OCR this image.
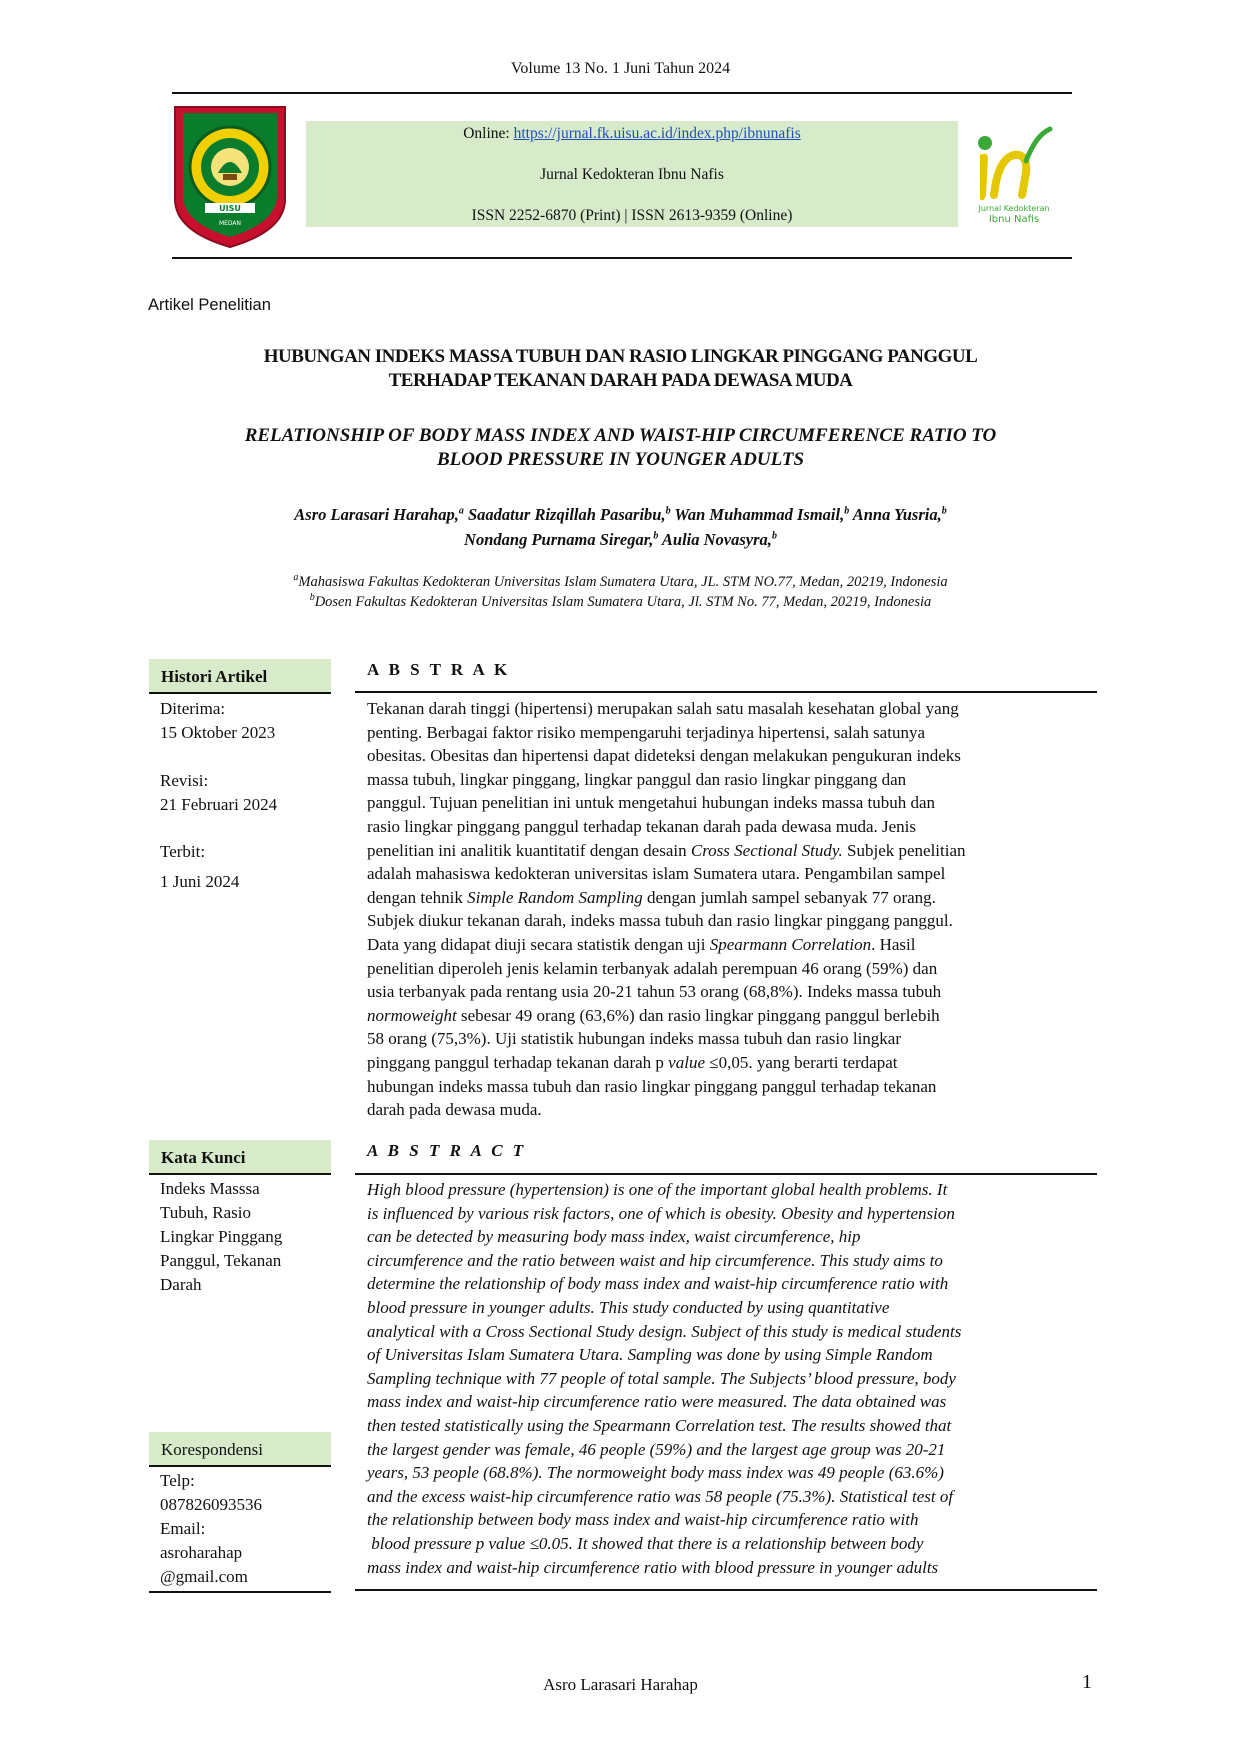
Volume 13 No. 1 Juni Tahun 2024
UISU
MEDAN
Online: https://jurnal.fk.uisu.ac.id/index.php/ibnunafis
Jurnal Kedokteran Ibnu Nafis
ISSN 2252-6870 (Print) | ISSN 2613-9359 (Online)	Jurnal Kedokteran
Ibnu Nafis
Artikel Penelitian
HUBUNGAN INDEKS MASSA TUBUH DAN RASIO LINGKAR PINGGANG PANGGUL
TERHADAP TEKANAN DARAH PADA DEWASA MUDA
RELATIONSHIP OF BODY MASS INDEX AND WAIST-HIP CIRCUMFERENCE RATIO TO
BLOOD PRESSURE IN YOUNGER ADULTS
Asro Larasari Harahap,$^a$ Saadatur Rizqillah Pasaribu,$^b$ Wan Muhammad Ismail,$^b$ Anna Yusria,$^b$
Nondang Purnama Siregar,$^b$ Aulia Novasyra,$^b$
$^a$Mahasiswa Fakultas Kedokteran Universitas Islam Sumatera Utara, JL. STM NO.77, Medan, 20219, Indonesia
$^b$Dosen Fakultas Kedokteran Universitas Islam Sumatera Utara, Jl. STM No. 77, Medan, 20219, Indonesia
Histori Artikel
Diterima:
15 Oktober 2023
Revisi:
21 Februari 2024
Terbit:
1 Juni 2024
Kata Kunci
Indeks Masssa
Tubuh, Rasio
Lingkar Pinggang
Panggul, Tekanan
Darah
Korespondensi
Telp:
087826093536
Email:
asroharahap
@gmail.com
A B S T R A K
Tekanan darah tinggi (hipertensi) merupakan salah satu masalah kesehatan global yang
penting. Berbagai faktor risiko mempengaruhi terjadinya hipertensi, salah satunya
obesitas. Obesitas dan hipertensi dapat dideteksi dengan melakukan pengukuran indeks
massa tubuh, lingkar pinggang, lingkar panggul dan rasio lingkar pinggang dan
panggul. Tujuan penelitian ini untuk mengetahui hubungan indeks massa tubuh dan
rasio lingkar pinggang panggul terhadap tekanan darah pada dewasa muda. Jenis
penelitian ini analitik kuantitatif dengan desain Cross Sectional Study. Subjek penelitian
adalah mahasiswa kedokteran universitas islam Sumatera utara. Pengambilan sampel
dengan tehnik Simple Random Sampling dengan jumlah sampel sebanyak 77 orang.
Subjek diukur tekanan darah, indeks massa tubuh dan rasio lingkar pinggang panggul.
Data yang didapat diuji secara statistik dengan uji Spearmann Correlation. Hasil
penelitian diperoleh jenis kelamin terbanyak adalah perempuan 46 orang (59%) dan
usia terbanyak pada rentang usia 20-21 tahun 53 orang (68,8%). Indeks massa tubuh
normoweight sebesar 49 orang (63,6%) dan rasio lingkar pinggang panggul berlebih
58 orang (75,3%). Uji statistik hubungan indeks massa tubuh dan rasio lingkar
pinggang panggul terhadap tekanan darah p value ≤0,05. yang berarti terdapat
hubungan indeks massa tubuh dan rasio lingkar pinggang panggul terhadap tekanan
darah pada dewasa muda.
A B S T R A C T
High blood pressure (hypertension) is one of the important global health problems. It
is influenced by various risk factors, one of which is obesity. Obesity and hypertension
can be detected by measuring body mass index, waist circumference, hip
circumference and the ratio between waist and hip circumference. This study aims to
determine the relationship of body mass index and waist-hip circumference ratio with
blood pressure in younger adults. This study conducted by using quantitative
analytical with a Cross Sectional Study design. Subject of this study is medical students
of Universitas Islam Sumatera Utara. Sampling was done by using Simple Random
Sampling technique with 77 people of total sample. The Subjects’ blood pressure, body
mass index and waist-hip circumference ratio were measured. The data obtained was
then tested statistically using the Spearmann Correlation test. The results showed that
the largest gender was female, 46 people (59%) and the largest age group was 20-21
years, 53 people (68.8%). The normoweight body mass index was 49 people (63.6%)
and the excess waist-hip circumference ratio was 58 people (75.3%). Statistical test of
the relationship between body mass index and waist-hip circumference ratio with
blood pressure p value ≤0.05. It showed that there is a relationship between body
mass index and waist-hip circumference ratio with blood pressure in younger adults
Asro Larasari Harahap	1
